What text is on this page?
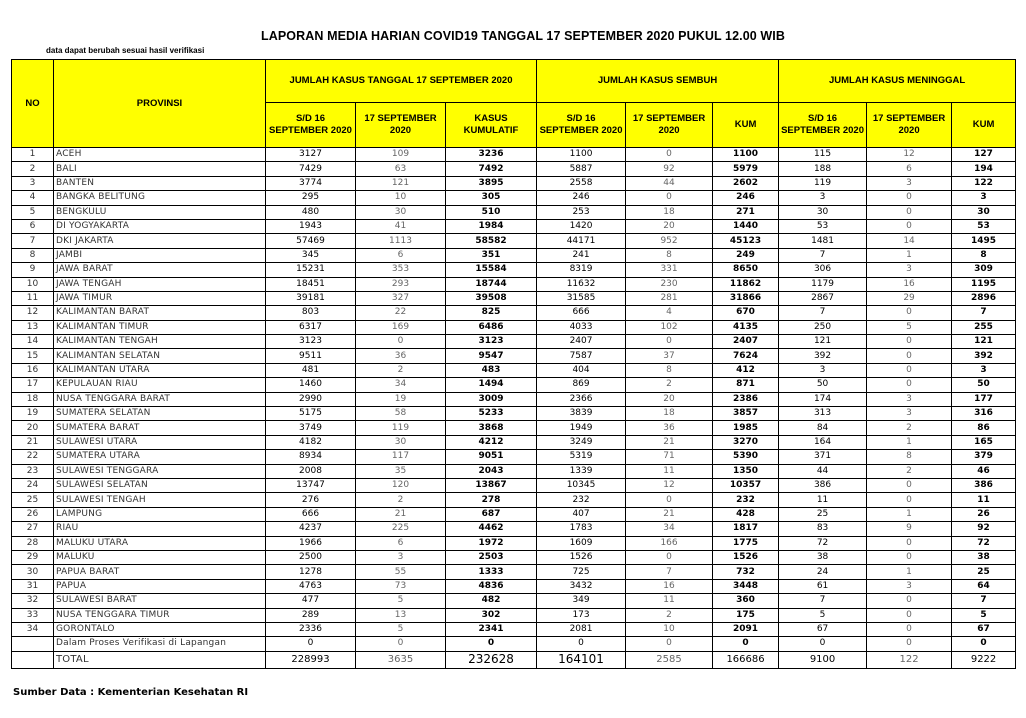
LAPORAN MEDIA HARIAN COVID19 TANGGAL 17 SEPTEMBER 2020 PUKUL 12.00 WIB
data dapat berubah sesuai hasil verifikasi
NO	PROVINSI	JUMLAH KASUS TANGGAL 17 SEPTEMBER 2020			JUMLAH KASUS SEMBUH			JUMLAH KASUS MENINGGAL		
		S/D 16 SEPTEMBER 2020	17 SEPTEMBER 2020	KASUS KUMULATIF	S/D 16 SEPTEMBER 2020	17 SEPTEMBER 2020	KUM	S/D 16 SEPTEMBER 2020	17 SEPTEMBER 2020	KUM
1	ACEH	3127	109	3236	1100	0	1100	115	12	127
2	BALI	7429	63	7492	5887	92	5979	188	6	194
3	BANTEN	3774	121	3895	2558	44	2602	119	3	122
4	BANGKA BELITUNG	295	10	305	246	0	246	3	0	3
5	BENGKULU	480	30	510	253	18	271	30	0	30
6	DI YOGYAKARTA	1943	41	1984	1420	20	1440	53	0	53
7	DKI JAKARTA	57469	1113	58582	44171	952	45123	1481	14	1495
8	JAMBI	345	6	351	241	8	249	7	1	8
9	JAWA BARAT	15231	353	15584	8319	331	8650	306	3	309
10	JAWA TENGAH	18451	293	18744	11632	230	11862	1179	16	1195
11	JAWA TIMUR	39181	327	39508	31585	281	31866	2867	29	2896
12	KALIMANTAN BARAT	803	22	825	666	4	670	7	0	7
13	KALIMANTAN TIMUR	6317	169	6486	4033	102	4135	250	5	255
14	KALIMANTAN TENGAH	3123	0	3123	2407	0	2407	121	0	121
15	KALIMANTAN SELATAN	9511	36	9547	7587	37	7624	392	0	392
16	KALIMANTAN UTARA	481	2	483	404	8	412	3	0	3
17	KEPULAUAN RIAU	1460	34	1494	869	2	871	50	0	50
18	NUSA TENGGARA BARAT	2990	19	3009	2366	20	2386	174	3	177
19	SUMATERA SELATAN	5175	58	5233	3839	18	3857	313	3	316
20	SUMATERA BARAT	3749	119	3868	1949	36	1985	84	2	86
21	SULAWESI UTARA	4182	30	4212	3249	21	3270	164	1	165
22	SUMATERA UTARA	8934	117	9051	5319	71	5390	371	8	379
23	SULAWESI TENGGARA	2008	35	2043	1339	11	1350	44	2	46
24	SULAWESI SELATAN	13747	120	13867	10345	12	10357	386	0	386
25	SULAWESI TENGAH	276	2	278	232	0	232	11	0	11
26	LAMPUNG	666	21	687	407	21	428	25	1	26
27	RIAU	4237	225	4462	1783	34	1817	83	9	92
28	MALUKU UTARA	1966	6	1972	1609	166	1775	72	0	72
29	MALUKU	2500	3	2503	1526	0	1526	38	0	38
30	PAPUA BARAT	1278	55	1333	725	7	732	24	1	25
31	PAPUA	4763	73	4836	3432	16	3448	61	3	64
32	SULAWESI BARAT	477	5	482	349	11	360	7	0	7
33	NUSA TENGGARA TIMUR	289	13	302	173	2	175	5	0	5
34	GORONTALO	2336	5	2341	2081	10	2091	67	0	67
	Dalam Proses Verifikasi di Lapangan	0	0	0	0	0	0	0	0	0
	TOTAL	228993	3635	232628	164101	2585	166686	9100	122	9222
Sumber Data : Kementerian Kesehatan RI
